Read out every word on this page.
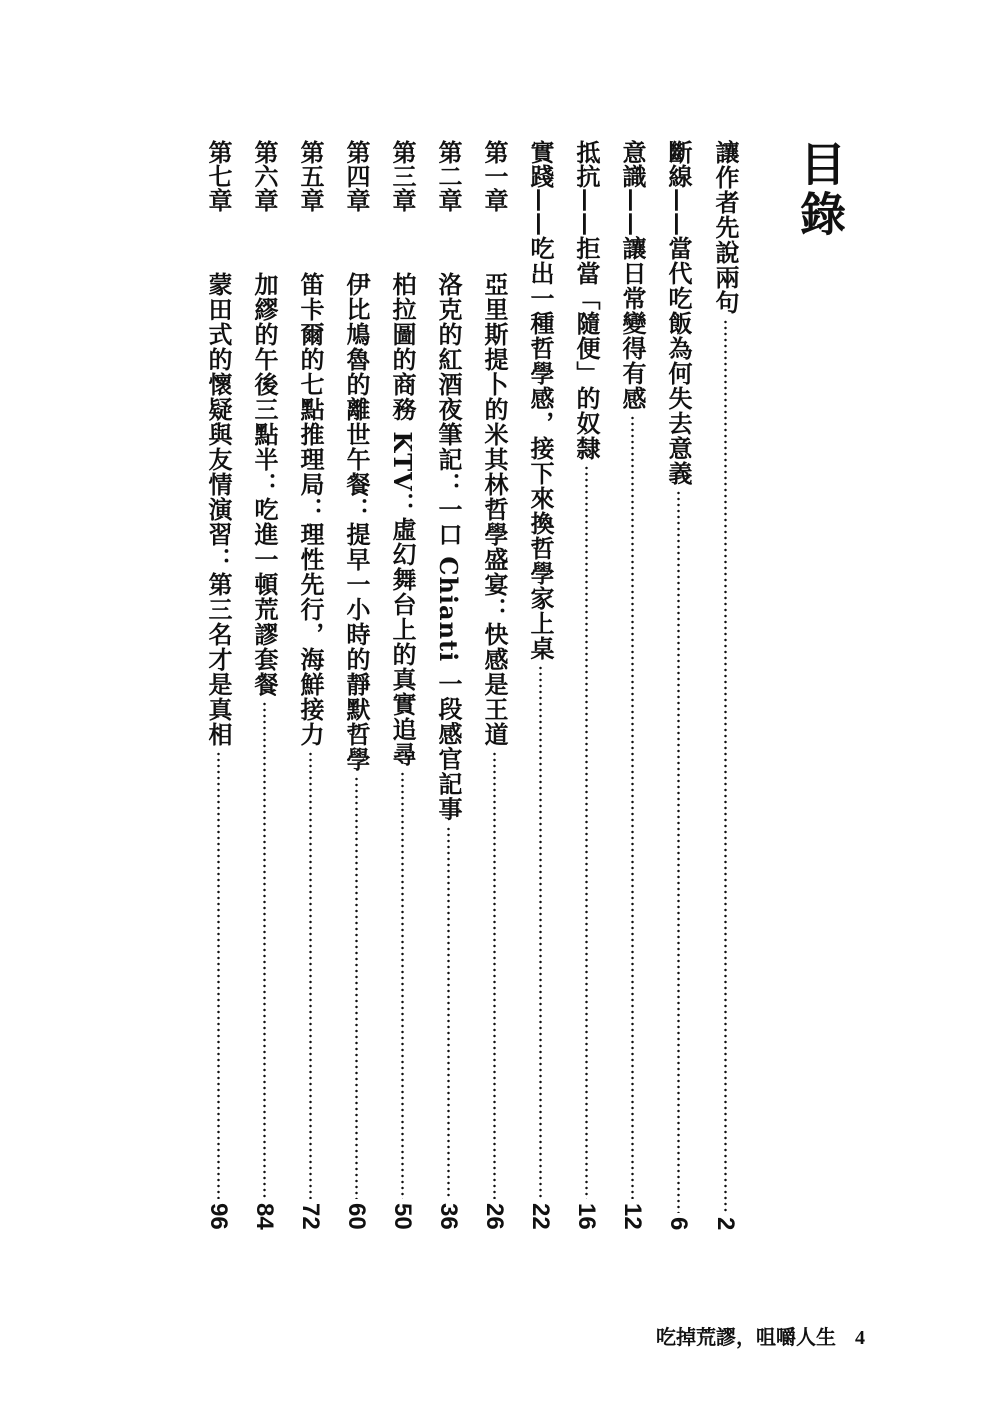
目錄
讓作者先說兩句
2
斷線
——
當代吃飯為何失去意義
6
意識
——
讓日常變得有感
12
抵抗
——
拒當「隨便」的奴隸
16
實踐
——
吃出一種哲學感，接下來換哲學家上桌
22
第一章
亞里斯提卜的米其林哲學盛宴：快感是王道
26
第二章
洛克的紅酒夜筆記：一口 Chianti 一段感官記事
36
第三章
柏拉圖的商務 KTV：虛幻舞台上的真實追尋
50
第四章
伊比鳩魯的離世午餐：提早一小時的靜默哲學
60
第五章
笛卡爾的七點推理局：理性先行，海鮮接力
72
第六章
加繆的午後三點半：吃進一頓荒謬套餐
84
第七章
蒙田式的懷疑與友情演習：第三名才是真相
96
吃掉荒謬，咀嚼人生 4
